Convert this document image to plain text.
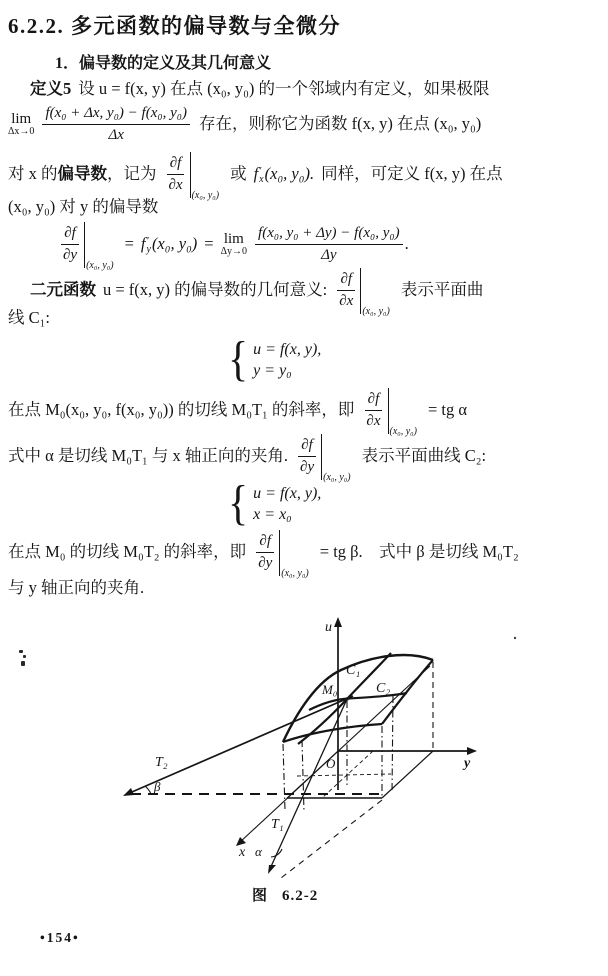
6.2.2. 多元函数的偏导数与全微分
1．偏导数的定义及其几何意义
定义5 设 u = f(x, y) 在点 (x₀, y₀) 的一个邻域内有定义，如果极限
lim
$\Delta x\to 0 \frac{\text{f(x₀ + Δx, y₀) − f(x₀, y₀)}}{\Delta x}$ 存在，则称它为函数 f(x, y) 在点 (x₀, y₀)
对 x 的 偏导数 ，记为 $\frac{\partial f}{\partial x}$
(x₀, y₀)
或 f ′
x (x₀, y₀). 同样，可定义 f(x, y) 在点
(x₀, y₀) 对 y 的偏导数
$\frac{\partial f}{\partial y}$
(x₀, y₀)
= f ′
y (x₀, y₀) = lim
$\Delta y\to 0 \frac{\text{f(x₀, y₀ + Δy) − f(x₀, y₀)}}{\Delta y}$ .
二元函数 u = f(x, y) 的偏导数的几何意义: $\frac{\partial f}{\partial x}$
(x₀, y₀)
表示平面曲
线 C₁:
{ u = f(x, y),
y = y₀
在点 M₀(x₀, y₀, f(x₀, y₀)) 的切线 M₀T₁ 的斜率，即 $\frac{\partial f}{\partial x}$
(x₀, y₀)
= tg α
式中 α 是切线 M₀T₁ 与 x 轴正向的夹角. $\frac{\partial f}{\partial y}$
(x₀, y₀)
表示平面曲线 C₂:
{ u = f(x, y),
x = x₀
在点 M₀ 的切线 M₀T₂ 的斜率，即 $\frac{\partial f}{\partial y}$
(x₀, y₀)
= tg β.　式中 β 是切线 M₀T₂
与 y 轴正向的夹角.
u
y
x
O
C₁
M₀	C₂
T₂
T₁
α
β
图 6.2-2
•154•
